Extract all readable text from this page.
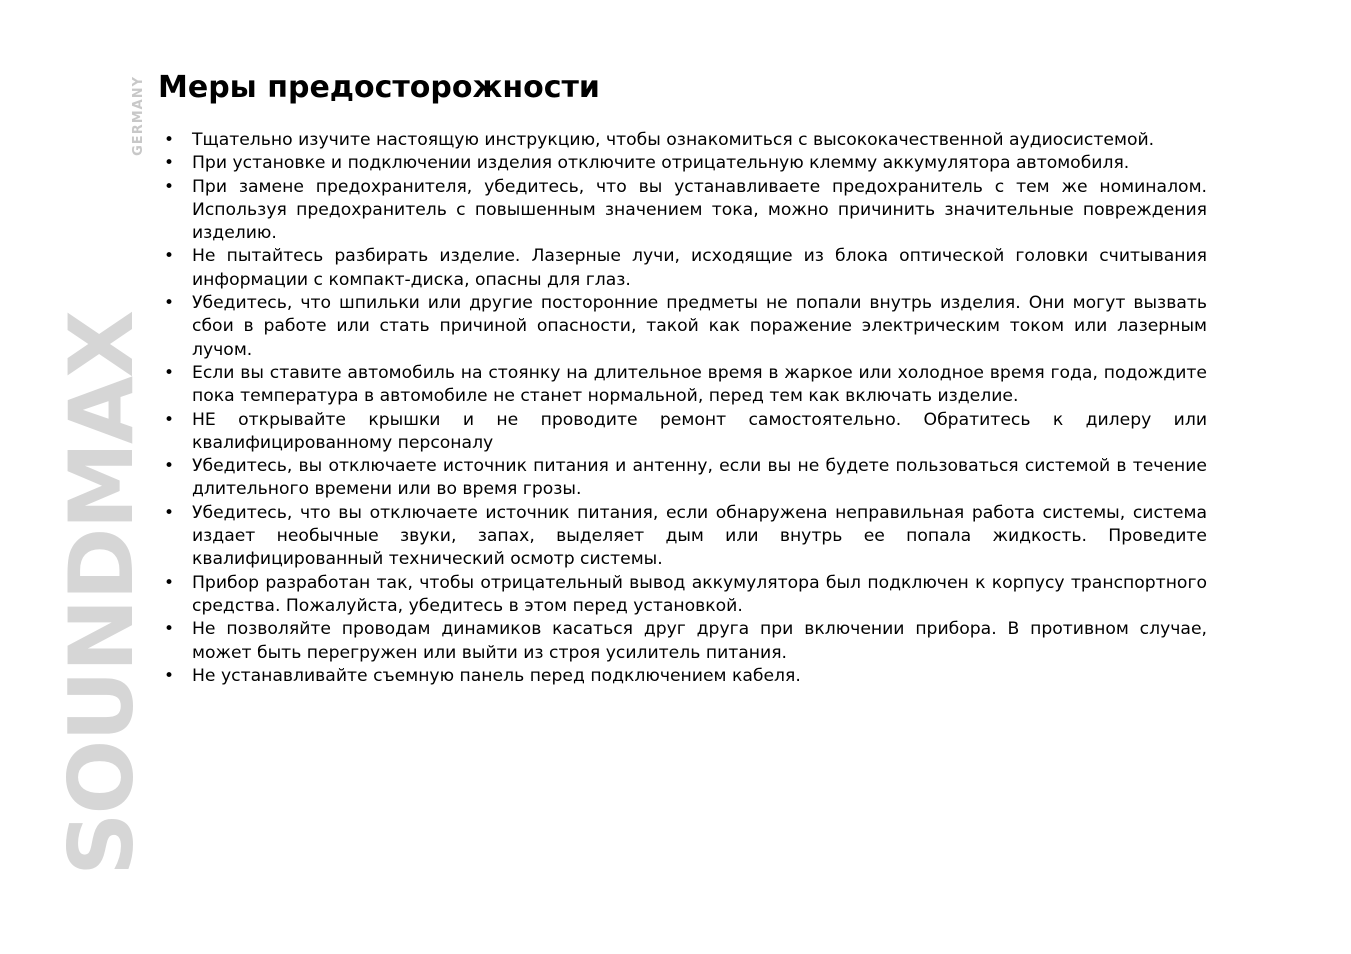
SOUNDMAX
GERMANY Меры предосторожности
• Тщательно изучите настоящую инструкцию, чтобы ознакомиться с высококачественной аудиосистемой.
• При установке и подключении изделия отключите отрицательную клемму аккумулятора автомобиля.
• При замене предохранителя, убедитесь, что вы устанавливаете предохранитель с тем же номиналом. Используя предохранитель с повышенным значением тока, можно причинить значительные повреждения изделию.
• Не пытайтесь разбирать изделие. Лазерные лучи, исходящие из блока оптической головки считывания информации с компакт-диска, опасны для глаз.
• Убедитесь, что шпильки или другие посторонние предметы не попали внутрь изделия. Они могут вызвать сбои в работе или стать причиной опасности, такой как поражение электрическим током или лазерным лучом.
• Если вы ставите автомобиль на стоянку на длительное время в жаркое или холодное время года, подождите пока температура в автомобиле не станет нормальной, перед тем как включать изделие.
• НЕ открывайте крышки и не проводите ремонт самостоятельно. Обратитесь к дилеру или квалифицированному персоналу
• Убедитесь, вы отключаете источник питания и антенну, если вы не будете пользоваться системой в течение длительного времени или во время грозы.
• Убедитесь, что вы отключаете источник питания, если обнаружена неправильная работа системы, система издает необычные звуки, запах, выделяет дым или внутрь ее попала жидкость. Проведите квалифицированный технический осмотр системы.
• Прибор разработан так, чтобы отрицательный вывод аккумулятора был подключен к корпусу транспортного средства. Пожалуйста, убедитесь в этом перед установкой.
• Не позволяйте проводам динамиков касаться друг друга при включении прибора. В противном случае, может быть перегружен или выйти из строя усилитель питания.
• Не устанавливайте съемную панель перед подключением кабеля.
